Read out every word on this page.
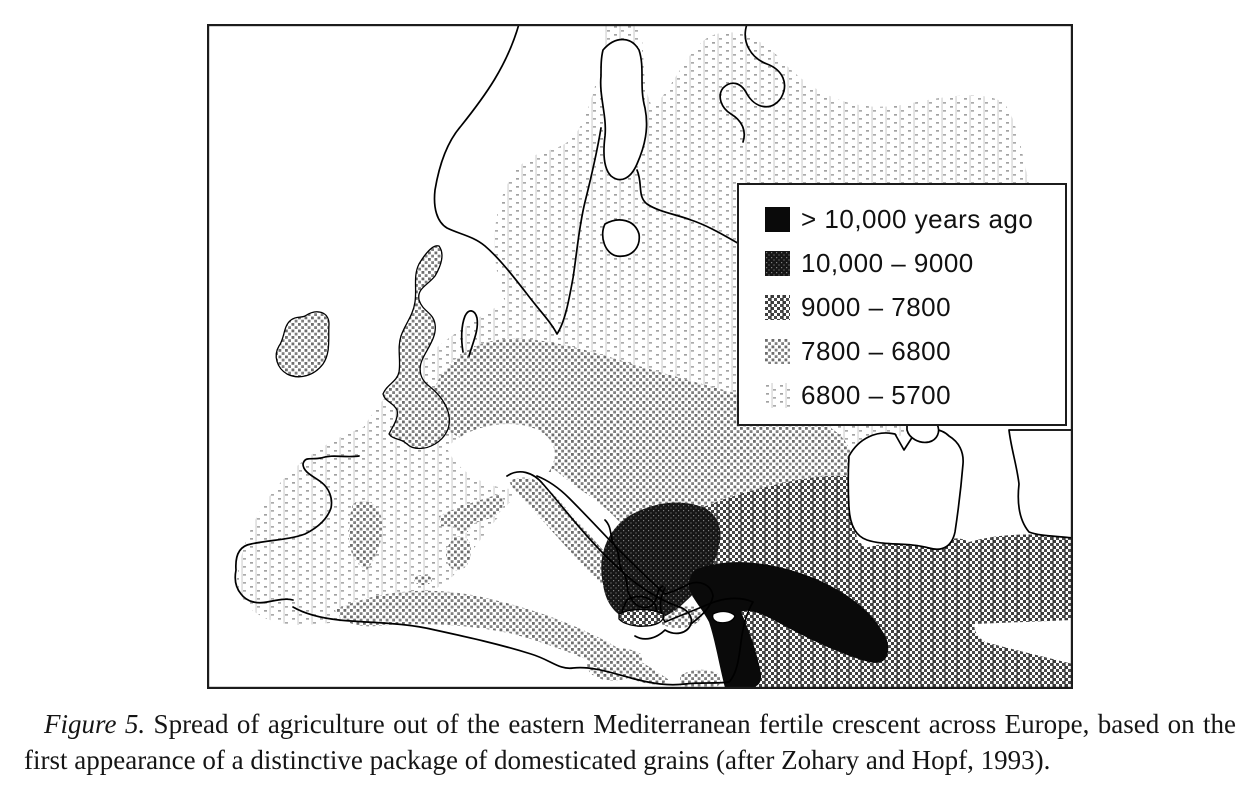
> 10,000 years ago
10,000 – 9000
9000 – 7800
7800 – 6800
6800 – 5700
Figure 5. Spread of agriculture out of the eastern Mediterranean fertile crescent across Europe, based on the first appearance of a distinctive package of domesticated grains (after Zohary and Hopf, 1993).
